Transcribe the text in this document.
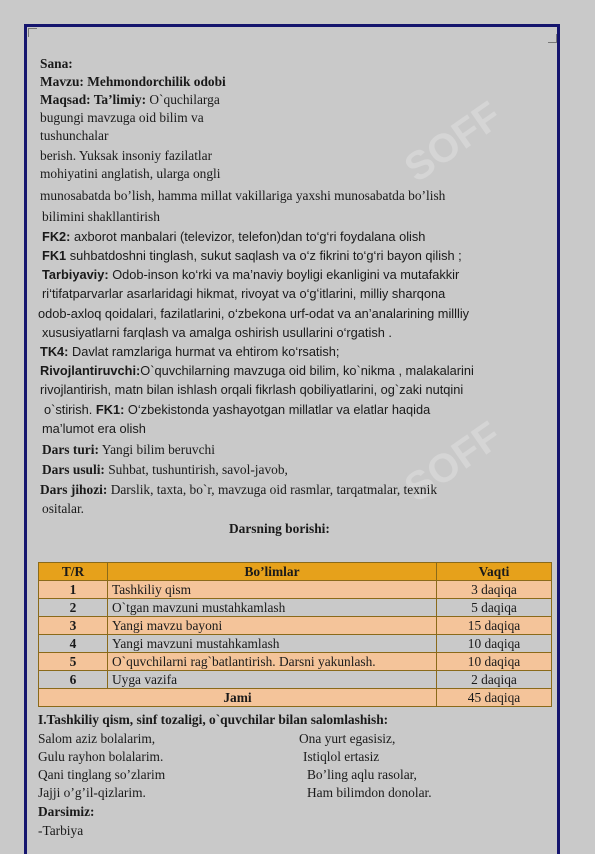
SOFF
SOFF
Sana:
Mavzu: Mehmondorchilik odobi
Maqsad: Ta’limiy: O`quchilarga
bugungi mavzuga oid bilim va
tushunchalar
berish. Yuksak insoniy fazilatlar
mohiyatini anglatish, ularga ongli
munosabatda bo’lish, hamma millat vakillariga yaxshi munosabatda bo’lish
bilimini shakllantirish
FK2: axborot manbalari (televizor, telefon)dan to‘g‘ri foydalana olish
FK1 suhbatdoshni tinglash, sukut saqlash va o‘z fikrini to‘g‘ri bayon qilish ;
Tarbiyaviy: Odob-inson ko‘rki va ma’naviy boyligi ekanligini va mutafakkir
ri‘tifatparvarlar asarlaridagi hikmat, rivoyat va o‘gʻitlarini, milliy sharqona
odob-axloq qoidalari, fazilatlarini, o‘zbekona urf-odat va an’analarining millliy
xususiyatlarni farqlash va amalga oshirish usullarini o‘rgatish .
TK4: Davlat ramzlariga hurmat va ehtirom ko‘rsatish;
Rivojlantiruvchi:O`quvchilarning mavzuga oid bilim, ko`nikma , malakalarini
rivojlantirish, matn bilan ishlash orqali fikrlash qobiliyatlarini, og`zaki nutqini
o`stirish. FK1: O‘zbekistonda yashayotgan millatlar va elatlar haqida
ma’lumot era olish
Dars turi: Yangi bilim beruvchi
Dars usuli: Suhbat, tushuntirish, savol-javob,
Dars jihozi: Darslik, taxta, bo`r, mavzuga oid rasmlar, tarqatmalar, texnik
ositalar.
Darsning borishi:
T/R	Bo’limlar	Vaqti
1	Tashkiliy qism	3 daqiqa
2	O`tgan mavzuni mustahkamlash	5 daqiqa
3	Yangi mavzu bayoni	15 daqiqa
4	Yangi mavzuni mustahkamlash	10 daqiqa
5	O`quvchilarni rag`batlantirish. Darsni yakunlash.	10 daqiqa
6	Uyga vazifa	2 daqiqa
Jami		45 daqiqa
I.Tashkiliy qism, sinf tozaligi, o`quvchilar bilan salomlashish:
Salom aziz bolalarim,
Gulu rayhon bolalarim.
Qani tinglang so’zlarim
Jajji o’g’il-qizlarim.
Ona yurt egasisiz,
Istiqlol ertasiz
Bo’ling aqlu rasolar,
Ham bilimdon donolar.
Darsimiz:
-Tarbiya
